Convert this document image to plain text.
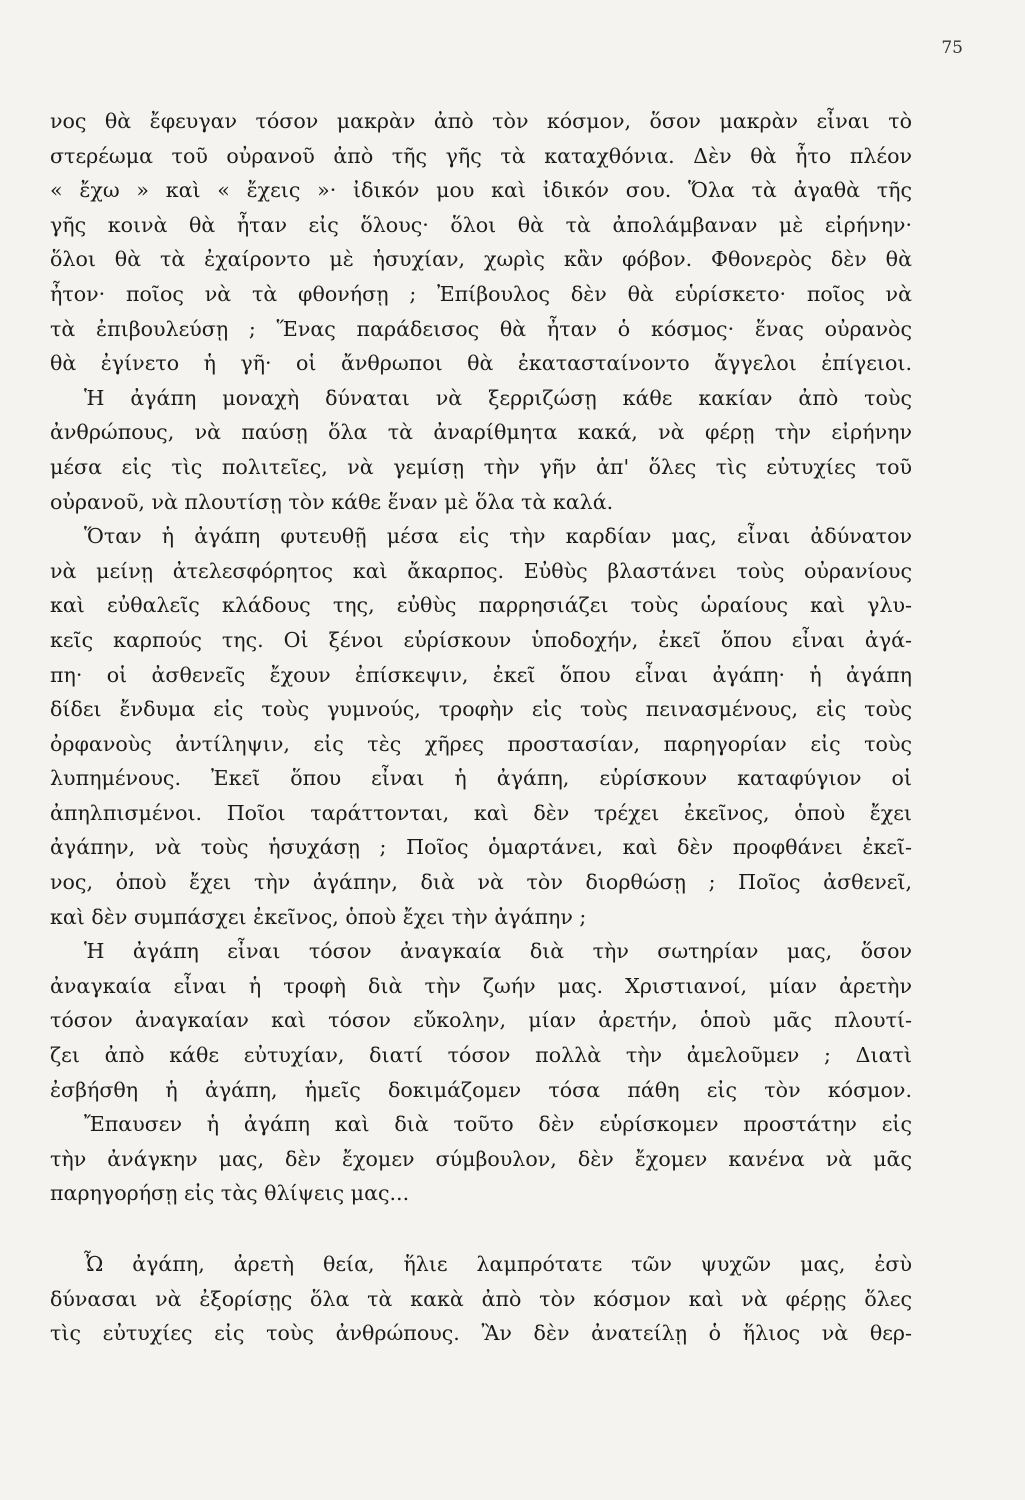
75
νος θὰ ἔφευγαν τόσον μακρὰν ἀπὸ τὸν κόσμον, ὅσον μακρὰν εἶναι τὸ
στερέωμα τοῦ οὐρανοῦ ἀπὸ τῆς γῆς τὰ καταχθόνια. Δὲν θὰ ἦτο πλέον
« ἔχω » καὶ « ἔχεις »· ἰδικόν μου καὶ ἰδικόν σου. Ὅλα τὰ ἀγαθὰ τῆς
γῆς κοινὰ θὰ ἦταν εἰς ὅλους· ὅλοι θὰ τὰ ἀπολάμβαναν μὲ εἰρήνην·
ὅλοι θὰ τὰ ἐχαίροντο μὲ ἡσυχίαν, χωρὶς κἂν φόβον. Φθονερὸς δὲν θὰ
ἦτον· ποῖος νὰ τὰ φθονήσῃ ; Ἐπίβουλος δὲν θὰ εὑρίσκετο· ποῖος νὰ
τὰ ἐπιβουλεύσῃ ; Ἕνας παράδεισος θὰ ἦταν ὁ κόσμος· ἕνας οὐρανὸς
θὰ ἐγίνετο ἡ γῆ· οἱ ἄνθρωποι θὰ ἐκατασταίνοντο ἄγγελοι ἐπίγειοι.
Ἡ ἀγάπη μοναχὴ δύναται νὰ ξερριζώσῃ κάθε κακίαν ἀπὸ τοὺς
ἀνθρώπους, νὰ παύσῃ ὅλα τὰ ἀναρίθμητα κακά, νὰ φέρῃ τὴν εἰρήνην
μέσα εἰς τὶς πολιτεῖες, νὰ γεμίσῃ τὴν γῆν ἀπ' ὅλες τὶς εὐτυχίες τοῦ
οὐρανοῦ, νὰ πλουτίσῃ τὸν κάθε ἕναν μὲ ὅλα τὰ καλά.
Ὅταν ἡ ἀγάπη φυτευθῇ μέσα εἰς τὴν καρδίαν μας, εἶναι ἀδύνατον
νὰ μείνῃ ἀτελεσφόρητος καὶ ἄκαρπος. Εὐθὺς βλαστάνει τοὺς οὐρανίους
καὶ εὐθαλεῖς κλάδους της, εὐθὺς παρρησιάζει τοὺς ὡραίους καὶ γλυ-
κεῖς καρπούς της. Οἱ ξένοι εὑρίσκουν ὑποδοχήν, ἐκεῖ ὅπου εἶναι ἀγά-
πη· οἱ ἀσθενεῖς ἔχουν ἐπίσκεψιν, ἐκεῖ ὅπου εἶναι ἀγάπη· ἡ ἀγάπη
δίδει ἔνδυμα εἰς τοὺς γυμνούς, τροφὴν εἰς τοὺς πεινασμένους, εἰς τοὺς
ὀρφανοὺς ἀντίληψιν, εἰς τὲς χῆρες προστασίαν, παρηγορίαν εἰς τοὺς
λυπημένους. Ἐκεῖ ὅπου εἶναι ἡ ἀγάπη, εὑρίσκουν καταφύγιον οἱ
ἀπηλπισμένοι. Ποῖοι ταράττονται, καὶ δὲν τρέχει ἐκεῖνος, ὁποὺ ἔχει
ἀγάπην, νὰ τοὺς ἡσυχάσῃ ; Ποῖος ὁμαρτάνει, καὶ δὲν προφθάνει ἐκεῖ-
νος, ὁποὺ ἔχει τὴν ἀγάπην, διὰ νὰ τὸν διορθώσῃ ; Ποῖος ἀσθενεῖ,
καὶ δὲν συμπάσχει ἐκεῖνος, ὁποὺ ἔχει τὴν ἀγάπην ;
Ἡ ἀγάπη εἶναι τόσον ἀναγκαία διὰ τὴν σωτηρίαν μας, ὅσον
ἀναγκαία εἶναι ἡ τροφὴ διὰ τὴν ζωήν μας. Χριστιανοί, μίαν ἀρετὴν
τόσον ἀναγκαίαν καὶ τόσον εὔκολην, μίαν ἀρετήν, ὁποὺ μᾶς πλουτί-
ζει ἀπὸ κάθε εὐτυχίαν, διατί τόσον πολλὰ τὴν ἀμελοῦμεν ; Διατὶ
ἐσβήσθη ἡ ἀγάπη, ἡμεῖς δοκιμάζομεν τόσα πάθη εἰς τὸν κόσμον.
Ἔπαυσεν ἡ ἀγάπη καὶ διὰ τοῦτο δὲν εὑρίσκομεν προστάτην εἰς
τὴν ἀνάγκην μας, δὲν ἔχομεν σύμβουλον, δὲν ἔχομεν κανένα νὰ μᾶς
παρηγορήσῃ εἰς τὰς θλίψεις μας...
Ὦ ἀγάπη, ἀρετὴ θεία, ἥλιε λαμπρότατε τῶν ψυχῶν μας, ἐσὺ
δύνασαι νὰ ἐξορίσῃς ὅλα τὰ κακὰ ἀπὸ τὸν κόσμον καὶ νὰ φέρῃς ὅλες
τὶς εὐτυχίες εἰς τοὺς ἀνθρώπους. Ἂν δὲν ἀνατείλῃ ὁ ἥλιος νὰ θερ-
